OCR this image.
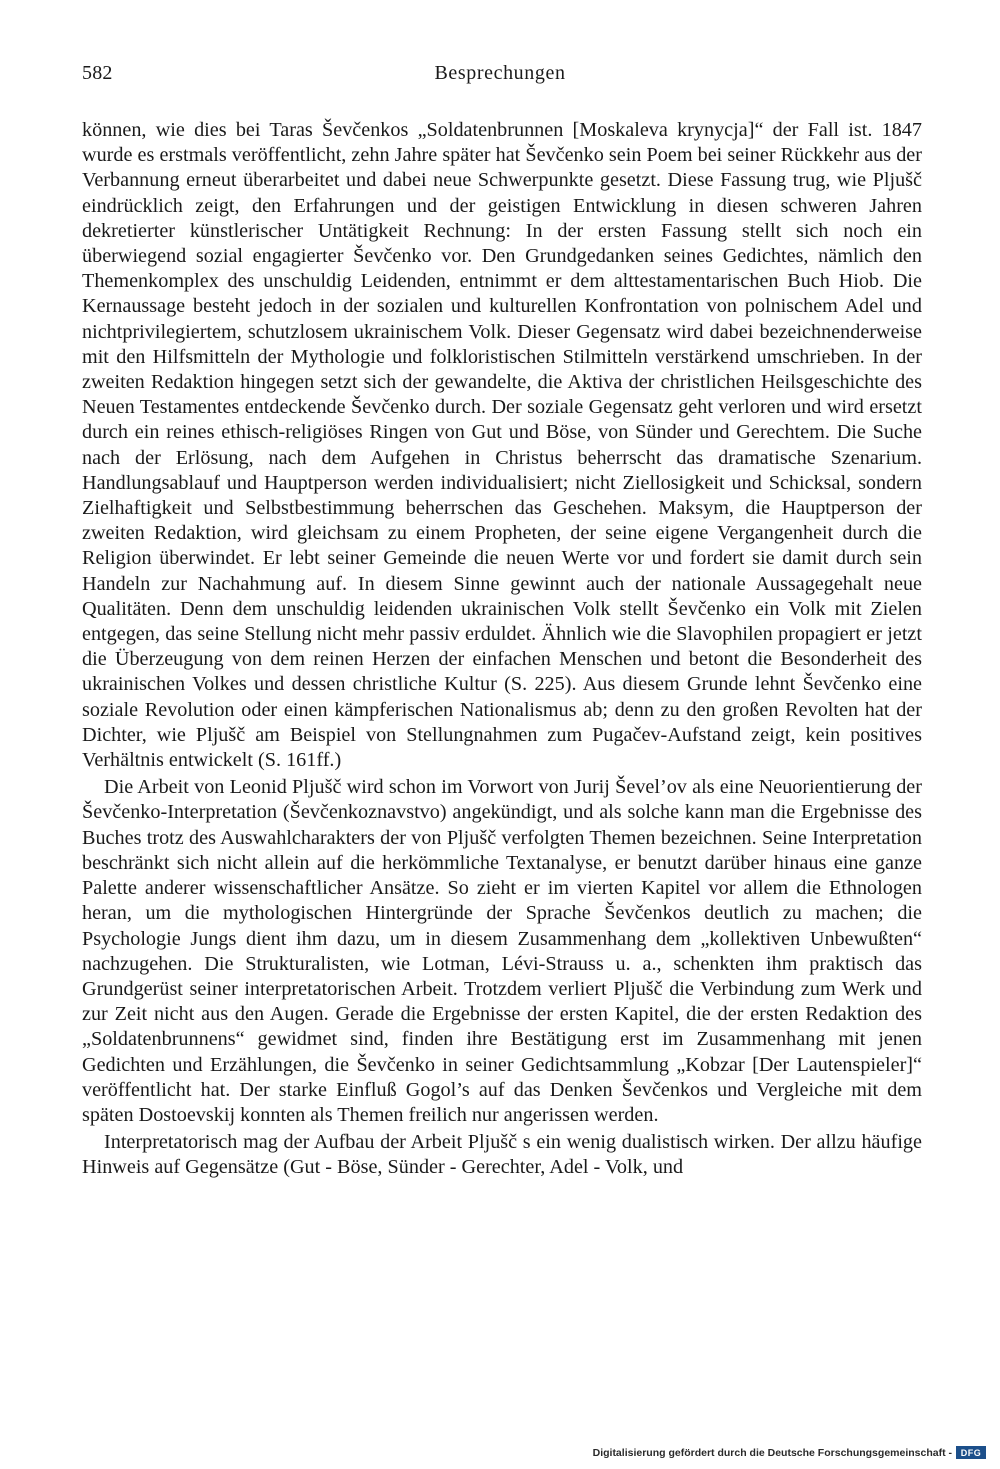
582	Besprechungen

können, wie dies bei Taras Ševčenkos „Soldatenbrunnen [Moskaleva krynycja]“ der Fall ist. 1847 wurde es erstmals veröffentlicht, zehn Jahre später hat Ševčenko sein Poem bei seiner Rückkehr aus der Verbannung erneut überarbeitet und dabei neue Schwerpunkte gesetzt. Diese Fassung trug, wie Pljušč eindrücklich zeigt, den Erfahrungen und der geistigen Entwicklung in diesen schweren Jahren dekretierter künstlerischer Untätigkeit Rechnung: In der ersten Fassung stellt sich noch ein überwiegend sozial engagierter Ševčenko vor. Den Grundgedanken seines Gedichtes, nämlich den Themenkomplex des unschuldig Leidenden, entnimmt er dem alttestamentarischen Buch Hiob. Die Kernaussage besteht jedoch in der sozialen und kulturellen Konfrontation von polnischem Adel und nichtprivilegiertem, schutzlosem ukrainischem Volk. Dieser Gegensatz wird dabei bezeichnenderweise mit den Hilfsmitteln der Mythologie und folkloristischen Stilmitteln verstärkend umschrieben. In der zweiten Redaktion hingegen setzt sich der gewandelte, die Aktiva der christlichen Heilsgeschichte des Neuen Testamentes entdeckende Ševčenko durch. Der soziale Gegensatz geht verloren und wird ersetzt durch ein reines ethisch-religiöses Ringen von Gut und Böse, von Sünder und Gerechtem. Die Suche nach der Erlösung, nach dem Aufgehen in Christus beherrscht das dramatische Szenarium. Handlungsablauf und Hauptperson werden individualisiert; nicht Ziellosigkeit und Schicksal, sondern Zielhaftigkeit und Selbstbestimmung beherrschen das Geschehen. Maksym, die Hauptperson der zweiten Redaktion, wird gleichsam zu einem Propheten, der seine eigene Vergangenheit durch die Religion überwindet. Er lebt seiner Gemeinde die neuen Werte vor und fordert sie damit durch sein Handeln zur Nachahmung auf. In diesem Sinne gewinnt auch der nationale Aussagegehalt neue Qualitäten. Denn dem unschuldig leidenden ukrainischen Volk stellt Ševčenko ein Volk mit Zielen entgegen, das seine Stellung nicht mehr passiv erduldet. Ähnlich wie die Slavophilen propagiert er jetzt die Überzeugung von dem reinen Herzen der einfachen Menschen und betont die Besonderheit des ukrainischen Volkes und dessen christliche Kultur (S. 225). Aus diesem Grunde lehnt Ševčenko eine soziale Revolution oder einen kämpferischen Nationalismus ab; denn zu den großen Revolten hat der Dichter, wie Pljušč am Beispiel von Stellungnahmen zum Pugačev-Aufstand zeigt, kein positives Verhältnis entwickelt (S. 161ff.)

Die Arbeit von Leonid Pljušč wird schon im Vorwort von Jurij Ševel’ov als eine Neuorientierung der Ševčenko-Interpretation (Ševčenkoznavstvo) angekündigt, und als solche kann man die Ergebnisse des Buches trotz des Auswahlcharakters der von Pljušč verfolgten Themen bezeichnen. Seine Interpretation beschränkt sich nicht allein auf die herkömmliche Textanalyse, er benutzt darüber hinaus eine ganze Palette anderer wissenschaftlicher Ansätze. So zieht er im vierten Kapitel vor allem die Ethnologen heran, um die mythologischen Hintergründe der Sprache Ševčenkos deutlich zu machen; die Psychologie Jungs dient ihm dazu, um in diesem Zusammenhang dem „kollektiven Unbewußten“ nachzugehen. Die Strukturalisten, wie Lotman, Lévi-Strauss u. a., schenkten ihm praktisch das Grundgerüst seiner interpretatorischen Arbeit. Trotzdem verliert Pljušč die Verbindung zum Werk und zur Zeit nicht aus den Augen. Gerade die Ergebnisse der ersten Kapitel, die der ersten Redaktion des „Soldatenbrunnens“ gewidmet sind, finden ihre Bestätigung erst im Zusammenhang mit jenen Gedichten und Erzählungen, die Ševčenko in seiner Gedichtsammlung „Kobzar [Der Lautenspieler]“ veröffentlicht hat. Der starke Einfluß Gogol’s auf das Denken Ševčenkos und Vergleiche mit dem späten Dostoevskij konnten als Themen freilich nur angerissen werden.

Interpretatorisch mag der Aufbau der Arbeit Pljušč s ein wenig dualistisch wirken. Der allzu häufige Hinweis auf Gegensätze (Gut - Böse, Sünder - Gerechter, Adel - Volk, und

Digitalisierung gefördert durch die Deutsche Forschungsgemeinschaft - DFG
